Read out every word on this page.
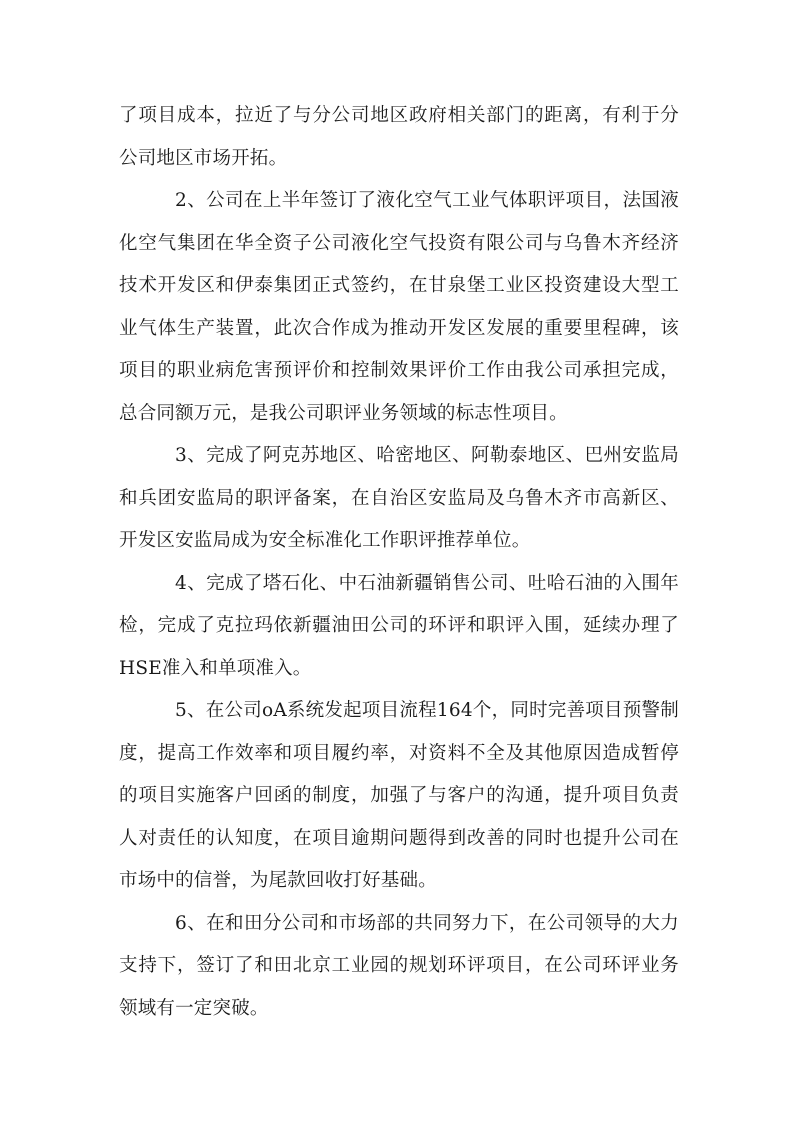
了项目成本，拉近了与分公司地区政府相关部门的距离，有利于分公司地区市场开拓。

2、公司在上半年签订了液化空气工业气体职评项目，法国液化空气集团在华全资子公司液化空气投资有限公司与乌鲁木齐经济技术开发区和伊泰集团正式签约，在甘泉堡工业区投资建设大型工业气体生产装置，此次合作成为推动开发区发展的重要里程碑，该项目的职业病危害预评价和控制效果评价工作由我公司承担完成，总合同额万元，是我公司职评业务领域的标志性项目。

3、完成了阿克苏地区、哈密地区、阿勒泰地区、巴州安监局和兵团安监局的职评备案，在自治区安监局及乌鲁木齐市高新区、开发区安监局成为安全标准化工作职评推荐单位。

4、完成了塔石化、中石油新疆销售公司、吐哈石油的入围年检，完成了克拉玛依新疆油田公司的环评和职评入围，延续办理了HSE准入和单项准入。

5、在公司oA系统发起项目流程164个，同时完善项目预警制度，提高工作效率和项目履约率，对资料不全及其他原因造成暂停的项目实施客户回函的制度，加强了与客户的沟通，提升项目负责人对责任的认知度，在项目逾期问题得到改善的同时也提升公司在市场中的信誉，为尾款回收打好基础。

6、在和田分公司和市场部的共同努力下，在公司领导的大力支持下，签订了和田北京工业园的规划环评项目，在公司环评业务领域有一定突破。
